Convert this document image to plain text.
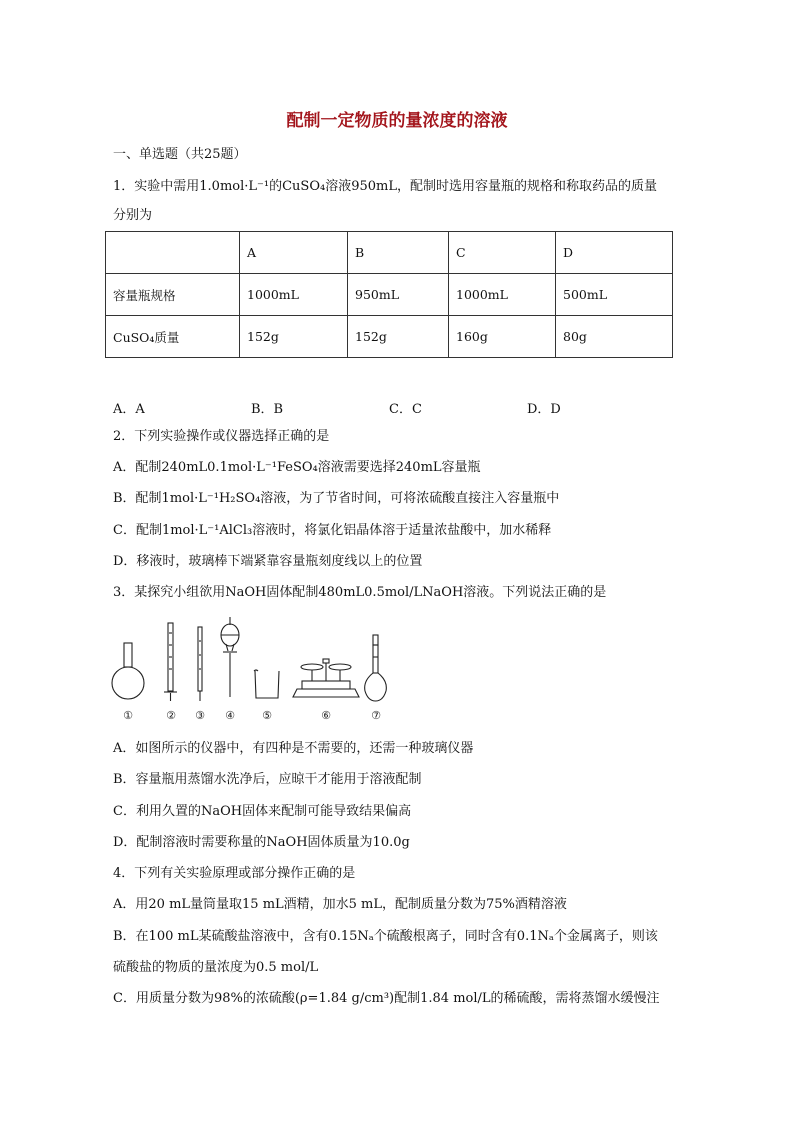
配制一定物质的量浓度的溶液
一、单选题（共25题）
1．实验中需用1.0mol·L⁻¹的CuSO₄溶液950mL，配制时选用容量瓶的规格和称取药品的质量
分别为
	A	B	C	D
容量瓶规格	1000mL	950mL	1000mL	500mL
CuSO₄质量	152g	152g	160g	80g
A．A	B．B	C．C	D．D
2．下列实验操作或仪器选择正确的是
A．配制240mL0.1mol·L⁻¹FeSO₄溶液需要选择240mL容量瓶
B．配制1mol·L⁻¹H₂SO₄溶液，为了节省时间，可将浓硫酸直接注入容量瓶中
C．配制1mol·L⁻¹AlCl₃溶液时，将氯化铝晶体溶于适量浓盐酸中，加水稀释
D．移液时，玻璃棒下端紧靠容量瓶刻度线以上的位置
3．某探究小组欲用NaOH固体配制480mL0.5mol/LNaOH溶液。下列说法正确的是
①	② ③ ④ ⑤	⑥	⑦
A．如图所示的仪器中，有四种是不需要的，还需一种玻璃仪器
B．容量瓶用蒸馏水洗净后，应晾干才能用于溶液配制
C．利用久置的NaOH固体来配制可能导致结果偏高
D．配制溶液时需要称量的NaOH固体质量为10.0g
4．下列有关实验原理或部分操作正确的是
A．用20 mL量筒量取15 mL酒精，加水5 mL，配制质量分数为75%酒精溶液
B．在100 mL某硫酸盐溶液中，含有0.15Nₐ个硫酸根离子，同时含有0.1Nₐ个金属离子，则该
硫酸盐的物质的量浓度为0.5 mol/L
C．用质量分数为98%的浓硫酸(ρ=1.84 g/cm³)配制1.84 mol/L的稀硫酸，需将蒸馏水缓慢注
